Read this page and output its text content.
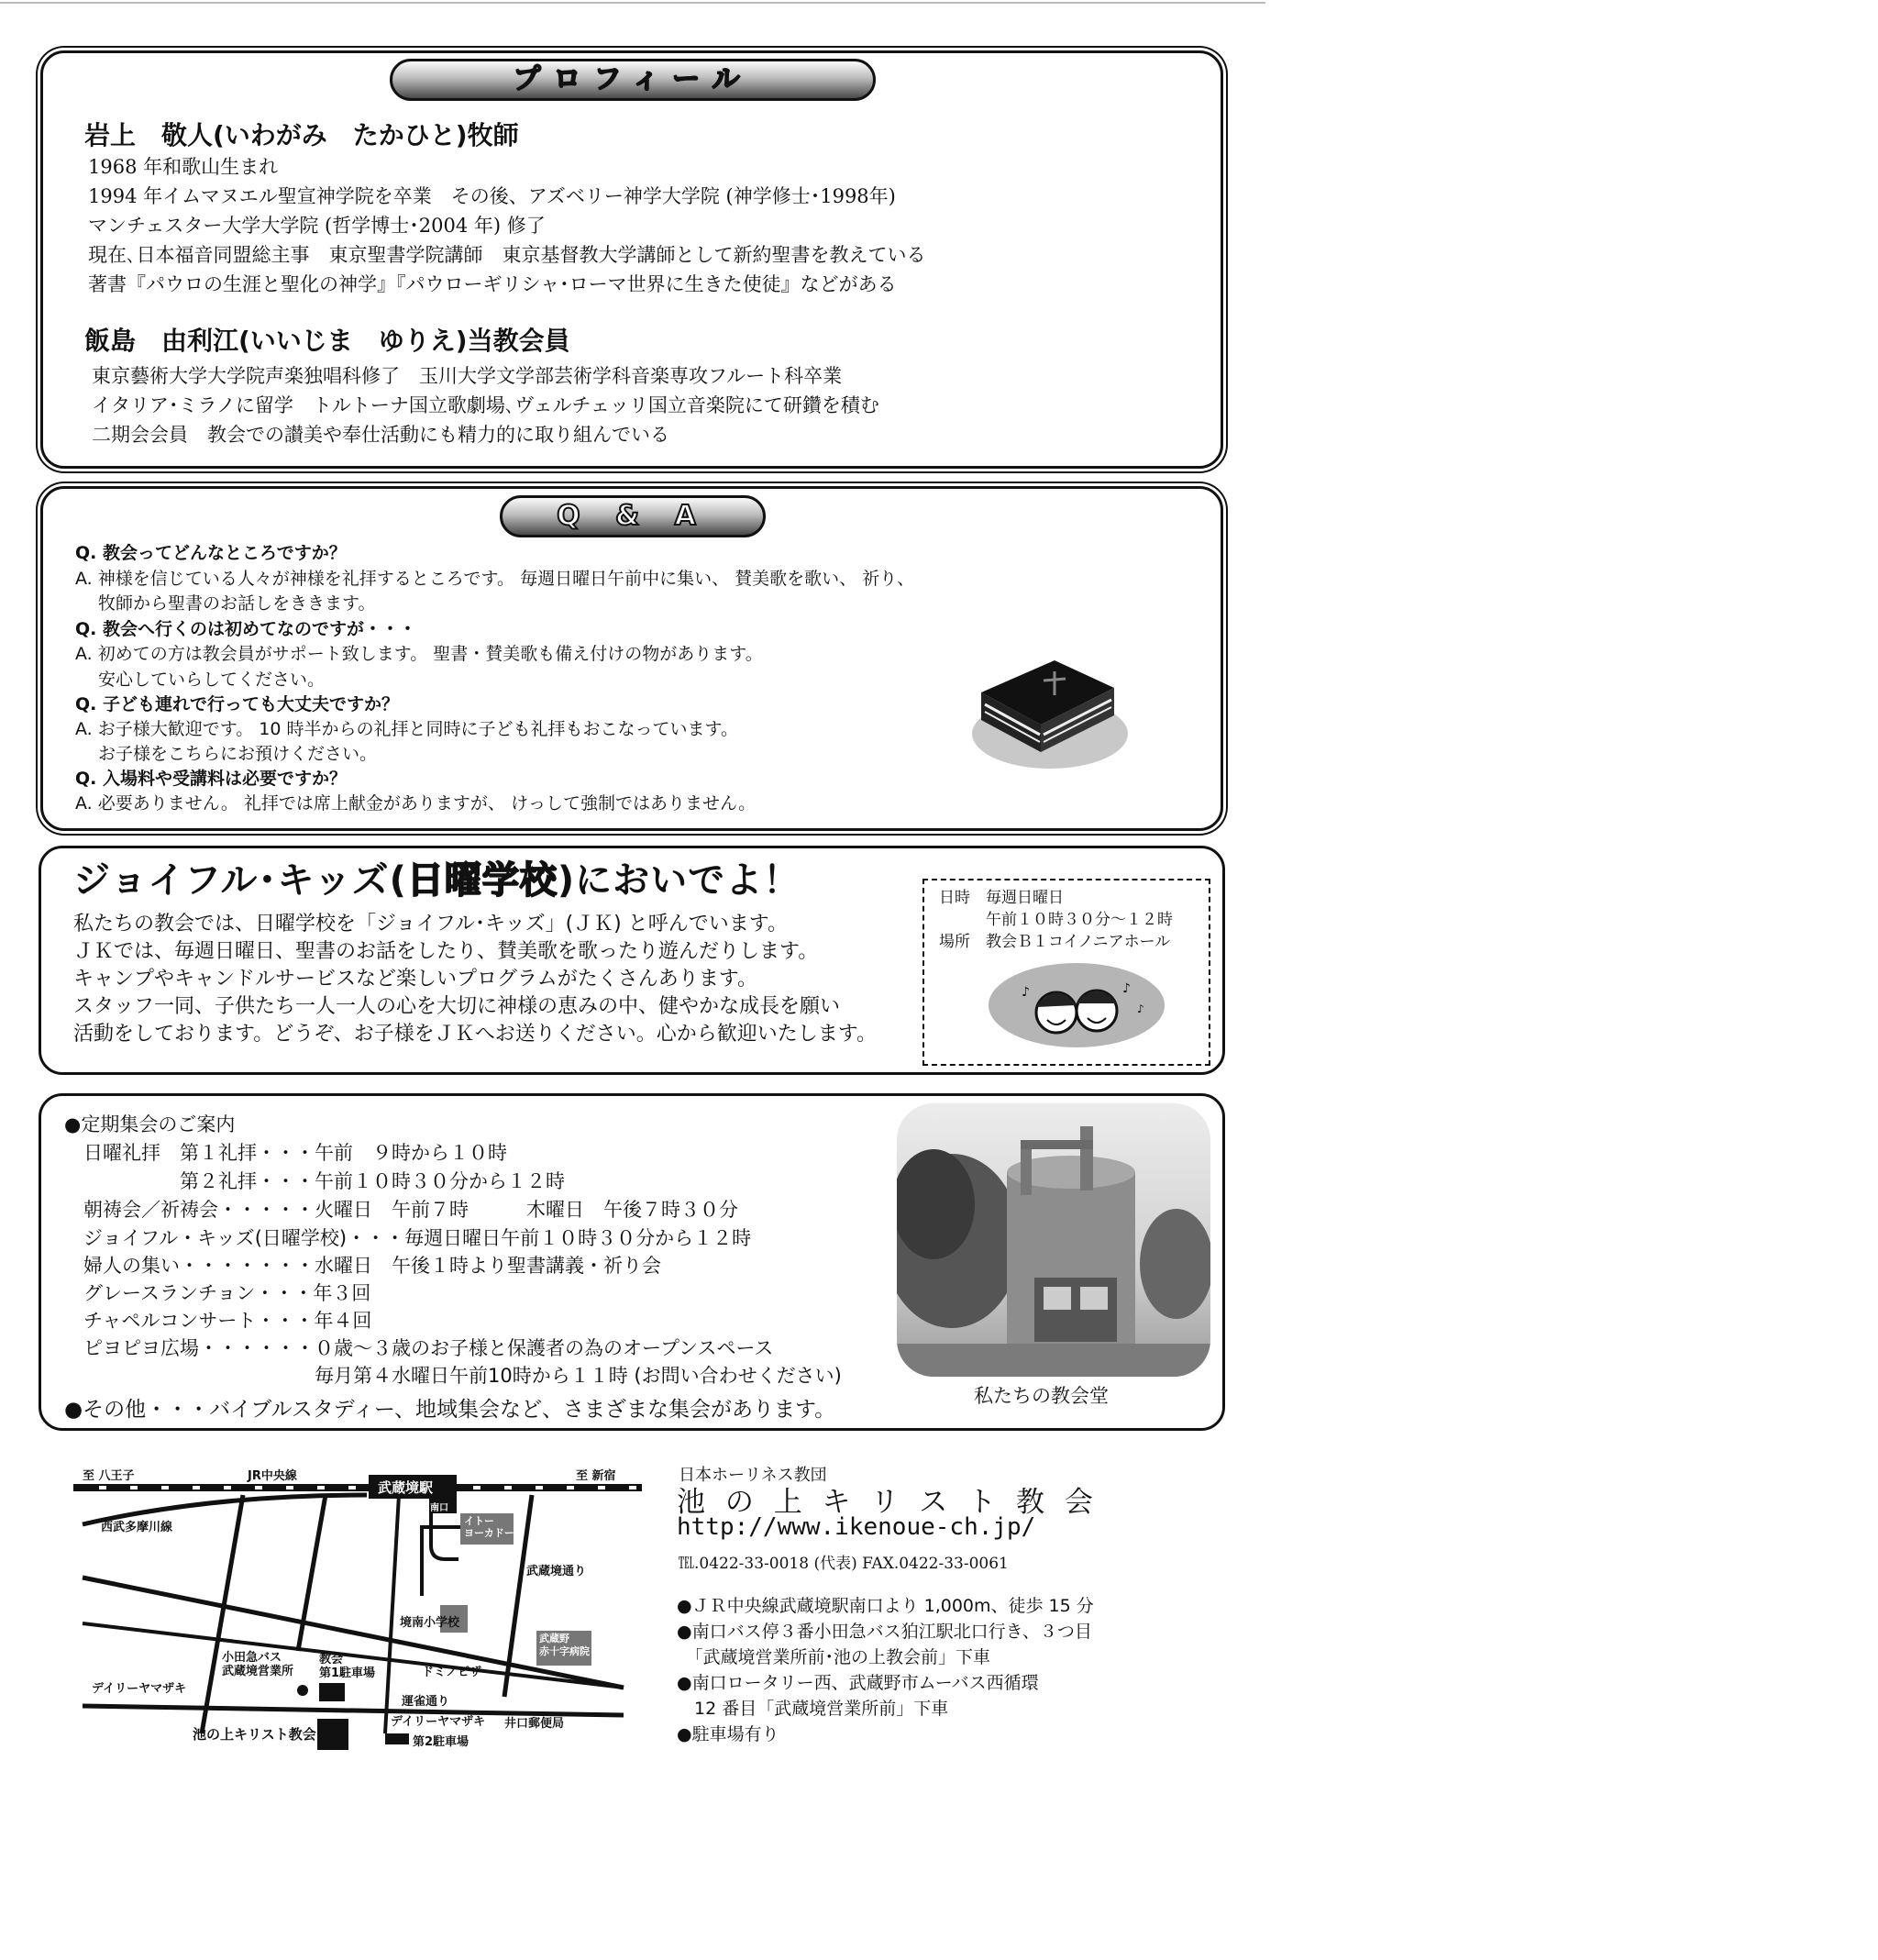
プロフィール
岩上　敬人(いわがみ　たかひと)牧師
1968 年和歌山生まれ
1994 年イムマヌエル聖宣神学院を卒業　その後、アズベリー神学大学院 (神学修士･1998年)
マンチェスター大学大学院 (哲学博士･2004 年) 修了
現在､日本福音同盟総主事　東京聖書学院講師　東京基督教大学講師として新約聖書を教えている
著書『パウロの生涯と聖化の神学』『パウローギリシャ･ローマ世界に生きた使徒』などがある
飯島　由利江(いいじま　ゆりえ)当教会員
東京藝術大学大学院声楽独唱科修了　玉川大学文学部芸術学科音楽専攻フルート科卒業
イタリア･ミラノに留学　トルトーナ国立歌劇場､ヴェルチェッリ国立音楽院にて研鑽を積む
二期会会員　教会での讃美や奉仕活動にも精力的に取り組んでいる
Q & A
Q. 教会ってどんなところですか？
A. 神様を信じている人々が神様を礼拝するところです。 毎週日曜日午前中に集い、 賛美歌を歌い、 祈り、
　 牧師から聖書のお話しをききます。
Q. 教会へ行くのは初めてなのですが・・・
A. 初めての方は教会員がサポート致します。 聖書・賛美歌も備え付けの物があります。
　 安心していらしてください。
Q. 子ども連れで行っても大丈夫ですか？
A. お子様大歓迎です。 10 時半からの礼拝と同時に子ども礼拝もおこなっています。
　 お子様をこちらにお預けください。
Q. 入場料や受講料は必要ですか？
A. 必要ありません。 礼拝では席上献金がありますが、 けっして強制ではありません。
ジョイフル･キッズ(日曜学校)においでよ！
私たちの教会では、日曜学校を「ジョイフル･キッズ」(ＪＫ) と呼んでいます。
ＪＫでは、毎週日曜日、聖書のお話をしたり、賛美歌を歌ったり遊んだりします。
キャンプやキャンドルサービスなど楽しいプログラムがたくさんあります。
スタッフ一同、子供たち一人一人の心を大切に神様の恵みの中、健やかな成長を願い
活動をしております。どうぞ、お子様をＪＫへお送りください。心から歓迎いたします。
日時　毎週日曜日
　　　午前１０時３０分～１２時
場所　教会Ｂ１コイノニアホール
♪	♪
♪
●定期集会のご案内
　日曜礼拝　第１礼拝・・・午前　９時から１０時
　　　　　　第２礼拝・・・午前１０時３０分から１２時
　朝祷会／祈祷会・・・・・火曜日　午前７時　　　木曜日　午後７時３０分
　ジョイフル・キッズ(日曜学校)・・・毎週日曜日午前１０時３０分から１２時
　婦人の集い・・・・・・・水曜日　午後１時より聖書講義・祈り会
　グレースランチョン・・・年３回
　チャペルコンサート・・・年４回
　ピヨピヨ広場・・・・・・０歳～３歳のお子様と保護者の為のオープンスペース
　　　　　　　　　　　　　毎月第４水曜日午前10時から１１時 (お問い合わせください)
●その他・・・バイブルスタディー、地域集会など、さまざまな集会があります。
私たちの教会堂
至 八王子	JR中央線	至 新宿
武蔵境駅
南口
西武多摩川線	イトー
ヨーカドー
武蔵境通り
境南小学校
武蔵野
赤十字病院
小田急バス
武蔵境営業所
教会
第1駐車場	ドミノピザ
デイリーヤマザキ
運雀通り
デイリーヤマザキ 井口郵便局
池の上キリスト教会	第2駐車場
日本ホーリネス教団
池 の 上 キ リ ス ト 教 会
http://www.ikenoue-ch.jp/
℡.0422-33-0018 (代表) FAX.0422-33-0061
●ＪＲ中央線武蔵境駅南口より 1,000m、徒歩 15 分
●南口バス停３番小田急バス狛江駅北口行き、３つ目
　「武蔵境営業所前･池の上教会前」下車
●南口ロータリー西、武蔵野市ムーバス西循環
　12 番目「武蔵境営業所前」下車
●駐車場有り
